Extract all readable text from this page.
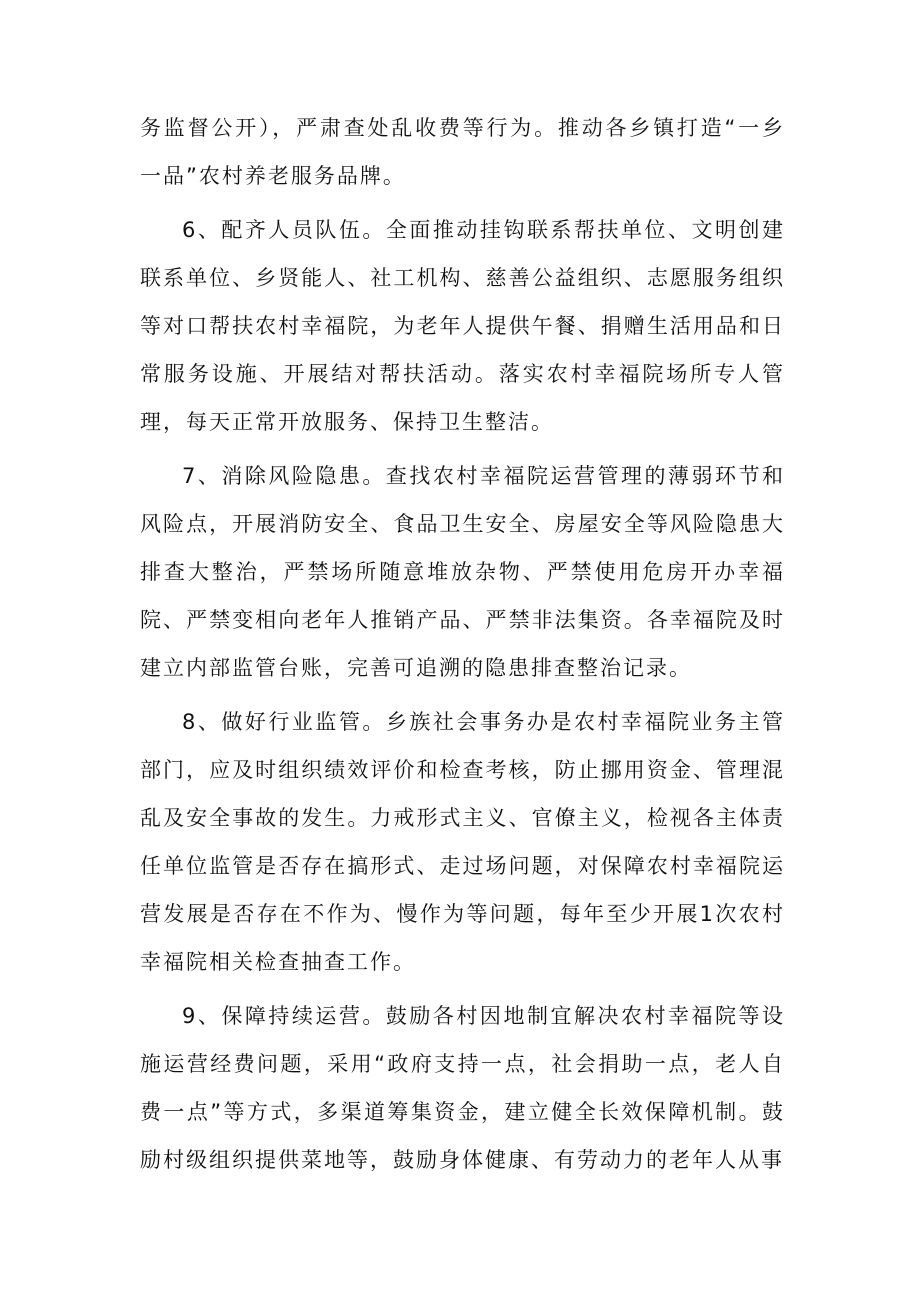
务监督公开），严肃查处乱收费等行为。推动各乡镇打造“一乡一品”农村养老服务品牌。

6、配齐人员队伍。全面推动挂钩联系帮扶单位、文明创建联系单位、乡贤能人、社工机构、慈善公益组织、志愿服务组织等对口帮扶农村幸福院，为老年人提供午餐、捐赠生活用品和日常服务设施、开展结对帮扶活动。落实农村幸福院场所专人管理，每天正常开放服务、保持卫生整洁。

7、消除风险隐患。查找农村幸福院运营管理的薄弱环节和风险点，开展消防安全、食品卫生安全、房屋安全等风险隐患大排查大整治，严禁场所随意堆放杂物、严禁使用危房开办幸福院、严禁变相向老年人推销产品、严禁非法集资。各幸福院及时建立内部监管台账，完善可追溯的隐患排查整治记录。

8、做好行业监管。乡族社会事务办是农村幸福院业务主管部门，应及时组织绩效评价和检查考核，防止挪用资金、管理混乱及安全事故的发生。力戒形式主义、官僚主义，检视各主体责任单位监管是否存在搞形式、走过场问题，对保障农村幸福院运营发展是否存在不作为、慢作为等问题，每年至少开展1次农村幸福院相关检查抽查工作。

9、保障持续运营。鼓励各村因地制宜解决农村幸福院等设施运营经费问题，采用“政府支持一点，社会捐助一点，老人自费一点”等方式，多渠道筹集资金，建立健全长效保障机制。鼓励村级组织提供菜地等，鼓励身体健康、有劳动力的老年人从事
